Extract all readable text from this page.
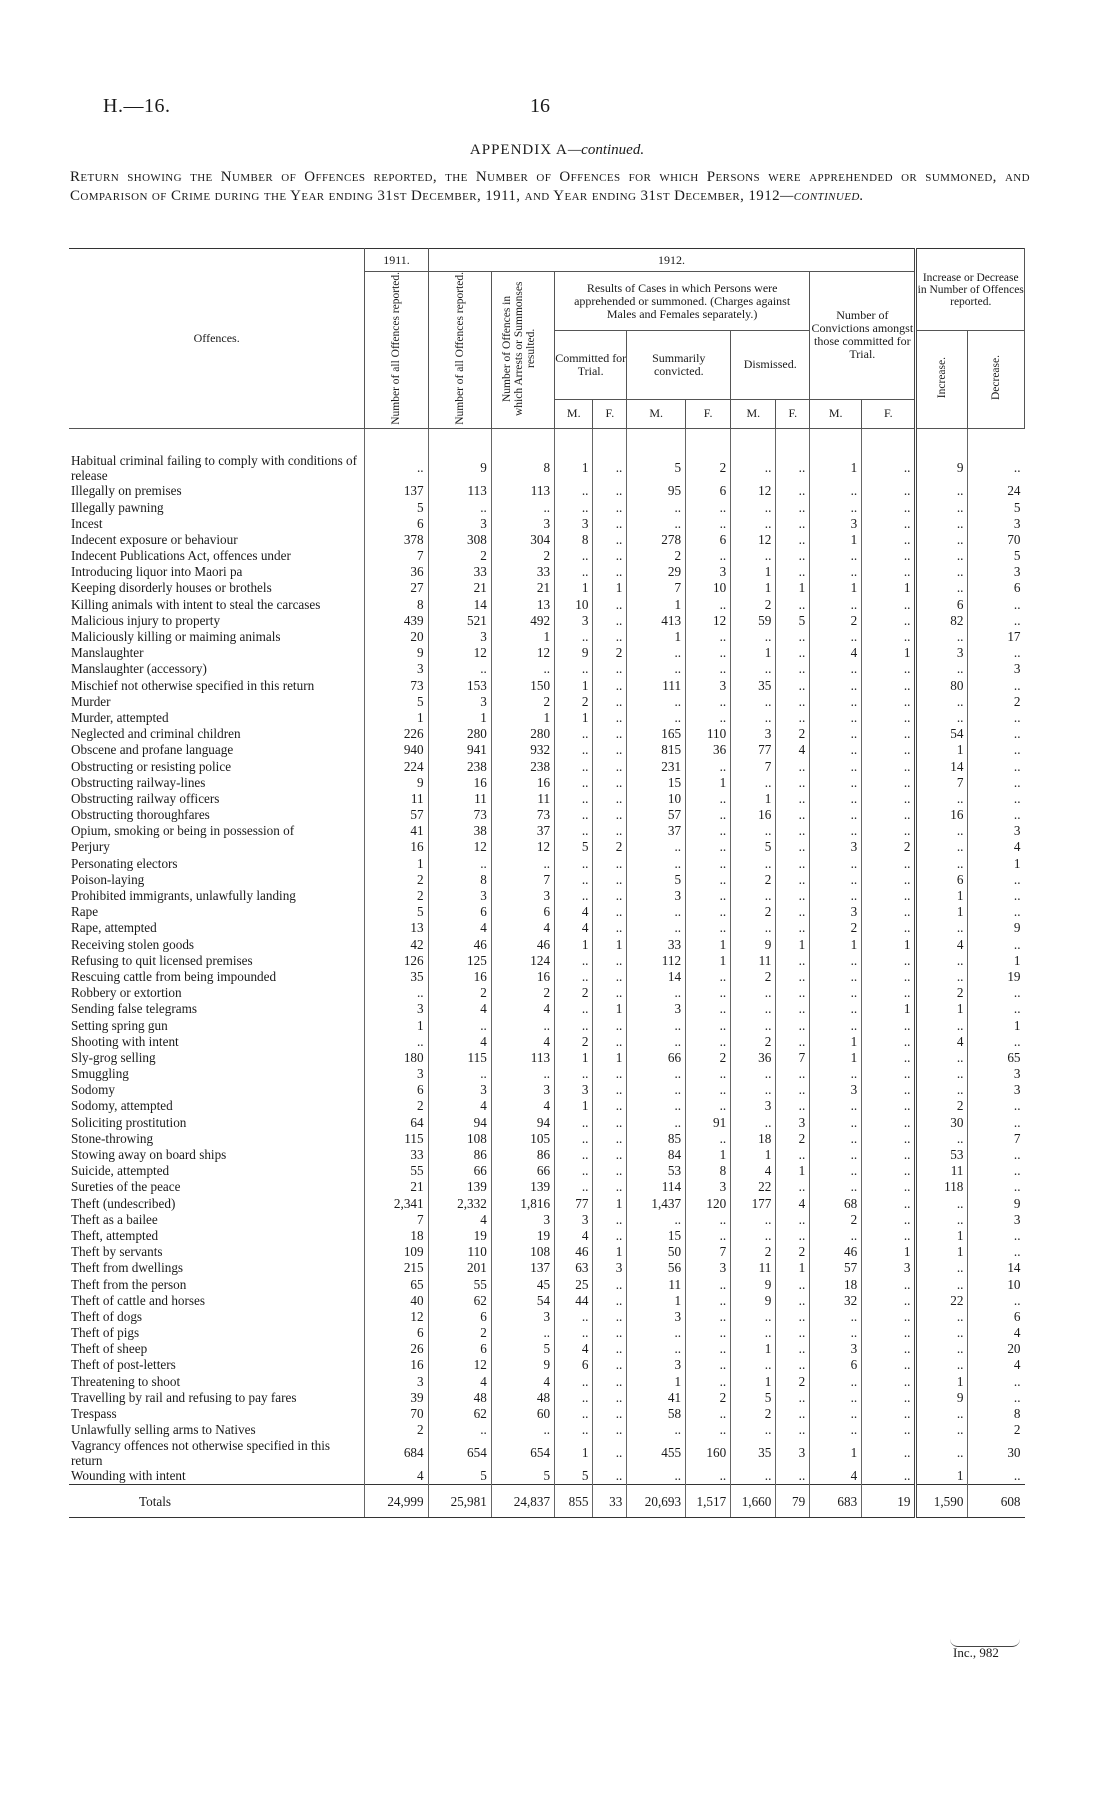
H.—16.	16
APPENDIX A—continued.
Return showing the Number of Offences reported, the Number of Offences for which Persons were apprehended or summoned, and Comparison of Crime during the Year ending 31st December, 1911, and Year ending 31st December, 1912—continued.
Offences.	1911.	1912.										Increase or Decrease in Number of Offences reported.	
	Number of all Offences reported.	Number of all Offences reported.	Number of Offences in which Arrests or Summonses resulted.	Results of Cases in which Persons were apprehended or summoned. (Charges against Males and Females separately.)						Number of Convictions amongst those committed for Trial.			
				Committed for Trial.		Summarily convicted.		Dismissed.				Increase.	Decrease.
				M.	F.	M.	F.	M.	F.	M.	F.		
Habitual criminal failing to comply with conditions of release	..	9	8	1	..	5	2	..	..	1	..	9	..
Illegally on premises	137	113	113	..	..	95	6	12	..	..	..	..	24
Illegally pawning	5	..	..	..	..	..	..	..	..	..	..	..	5
Incest	6	3	3	3	..	..	..	..	..	3	..	..	3
Indecent exposure or behaviour	378	308	304	8	..	278	6	12	..	1	..	..	70
Indecent Publications Act, offences under	7	2	2	..	..	2	..	..	..	..	..	..	5
Introducing liquor into Maori pa	36	33	33	..	..	29	3	1	..	..	..	..	3
Keeping disorderly houses or brothels	27	21	21	1	1	7	10	1	1	1	1	..	6
Killing animals with intent to steal the carcases	8	14	13	10	..	1	..	2	..	..	..	6	..
Malicious injury to property	439	521	492	3	..	413	12	59	5	2	..	82	..
Maliciously killing or maiming animals	20	3	1	..	..	1	..	..	..	..	..	..	17
Manslaughter	9	12	12	9	2	..	..	1	..	4	1	3	..
Manslaughter (accessory)	3	..	..	..	..	..	..	..	..	..	..	..	3
Mischief not otherwise specified in this return	73	153	150	1	..	111	3	35	..	..	..	80	..
Murder	5	3	2	2	..	..	..	..	..	..	..	..	2
Murder, attempted	1	1	1	1	..	..	..	..	..	..	..	..	..
Neglected and criminal children	226	280	280	..	..	165	110	3	2	..	..	54	..
Obscene and profane language	940	941	932	..	..	815	36	77	4	..	..	1	..
Obstructing or resisting police	224	238	238	..	..	231	..	7	..	..	..	14	..
Obstructing railway-lines	9	16	16	..	..	15	1	..	..	..	..	7	..
Obstructing railway officers	11	11	11	..	..	10	..	1	..	..	..	..	..
Obstructing thoroughfares	57	73	73	..	..	57	..	16	..	..	..	16	..
Opium, smoking or being in possession of	41	38	37	..	..	37	..	..	..	..	..	..	3
Perjury	16	12	12	5	2	..	..	5	..	3	2	..	4
Personating electors	1	..	..	..	..	..	..	..	..	..	..	..	1
Poison-laying	2	8	7	..	..	5	..	2	..	..	..	6	..
Prohibited immigrants, unlawfully landing	2	3	3	..	..	3	..	..	..	..	..	1	..
Rape	5	6	6	4	..	..	..	2	..	3	..	1	..
Rape, attempted	13	4	4	4	..	..	..	..	..	2	..	..	9
Receiving stolen goods	42	46	46	1	1	33	1	9	1	1	1	4	..
Refusing to quit licensed premises	126	125	124	..	..	112	1	11	..	..	..	..	1
Rescuing cattle from being impounded	35	16	16	..	..	14	..	2	..	..	..	..	19
Robbery or extortion	..	2	2	2	..	..	..	..	..	..	..	2	..
Sending false telegrams	3	4	4	..	1	3	..	..	..	..	1	1	..
Setting spring gun	1	..	..	..	..	..	..	..	..	..	..	..	1
Shooting with intent	..	4	4	2	..	..	..	2	..	1	..	4	..
Sly-grog selling	180	115	113	1	1	66	2	36	7	1	..	..	65
Smuggling	3	..	..	..	..	..	..	..	..	..	..	..	3
Sodomy	6	3	3	3	..	..	..	..	..	3	..	..	3
Sodomy, attempted	2	4	4	1	..	..	..	3	..	..	..	2	..
Soliciting prostitution	64	94	94	..	..	..	91	..	3	..	..	30	..
Stone-throwing	115	108	105	..	..	85	..	18	2	..	..	..	7
Stowing away on board ships	33	86	86	..	..	84	1	1	..	..	..	53	..
Suicide, attempted	55	66	66	..	..	53	8	4	1	..	..	11	..
Sureties of the peace	21	139	139	..	..	114	3	22	..	..	..	118	..
Theft (undescribed)	2,341	2,332	1,816	77	1	1,437	120	177	4	68	..	..	9
Theft as a bailee	7	4	3	3	..	..	..	..	..	2	..	..	3
Theft, attempted	18	19	19	4	..	15	..	..	..	..	..	1	..
Theft by servants	109	110	108	46	1	50	7	2	2	46	1	1	..
Theft from dwellings	215	201	137	63	3	56	3	11	1	57	3	..	14
Theft from the person	65	55	45	25	..	11	..	9	..	18	..	..	10
Theft of cattle and horses	40	62	54	44	..	1	..	9	..	32	..	22	..
Theft of dogs	12	6	3	..	..	3	..	..	..	..	..	..	6
Theft of pigs	6	2	..	..	..	..	..	..	..	..	..	..	4
Theft of sheep	26	6	5	4	..	..	..	1	..	3	..	..	20
Theft of post-letters	16	12	9	6	..	3	..	..	..	6	..	..	4
Threatening to shoot	3	4	4	..	..	1	..	1	2	..	..	1	..
Travelling by rail and refusing to pay fares	39	48	48	..	..	41	2	5	..	..	..	9	..
Trespass	70	62	60	..	..	58	..	2	..	..	..	..	8
Unlawfully selling arms to Natives	2	..	..	..	..	..	..	..	..	..	..	..	2
Vagrancy offences not otherwise specified in this return	684	654	654	1	..	455	160	35	3	1	..	..	30
Wounding with intent	4	5	5	5	..	..	..	..	..	4	..	1	..
Totals	24,999	25,981	24,837	855	33	20,693	1,517	1,660	79	683	19	1,590	608
Inc., 982
